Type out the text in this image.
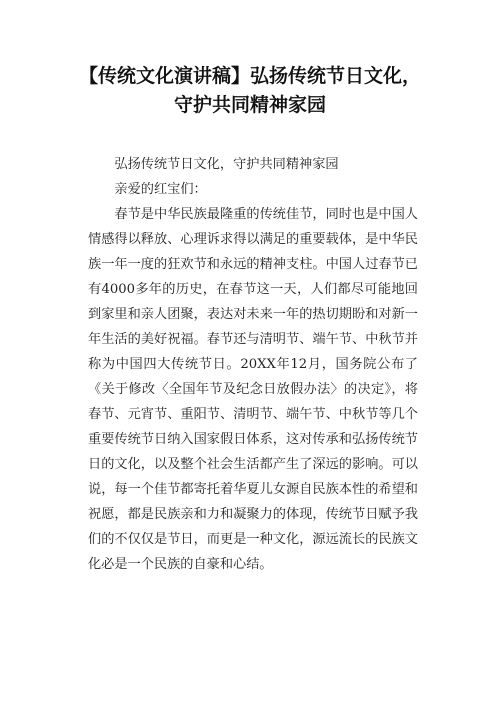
【传统文化演讲稿】弘扬传统节日文化，
守护共同精神家园

弘扬传统节日文化，守护共同精神家园

亲爱的红宝们：

春节是中华民族最隆重的传统佳节，同时也是中国人情感得以释放、心理诉求得以满足的重要载体，是中华民族一年一度的狂欢节和永远的精神支柱。中国人过春节已有4000多年的历史，在春节这一天，人们都尽可能地回到家里和亲人团聚，表达对未来一年的热切期盼和对新一年生活的美好祝福。春节还与清明节、端午节、中秋节并称为中国四大传统节日。20XX年12月，国务院公布了《关于修改〈全国年节及纪念日放假办法〉的决定》，将春节、元宵节、重阳节、清明节、端午节、中秋节等几个重要传统节日纳入国家假日体系，这对传承和弘扬传统节日的文化，以及整个社会生活都产生了深远的影响。可以说，每一个佳节都寄托着华夏儿女源自民族本性的希望和祝愿，都是民族亲和力和凝聚力的体现，传统节日赋予我们的不仅仅是节日，而更是一种文化，源远流长的民族文化必是一个民族的自豪和心结。
